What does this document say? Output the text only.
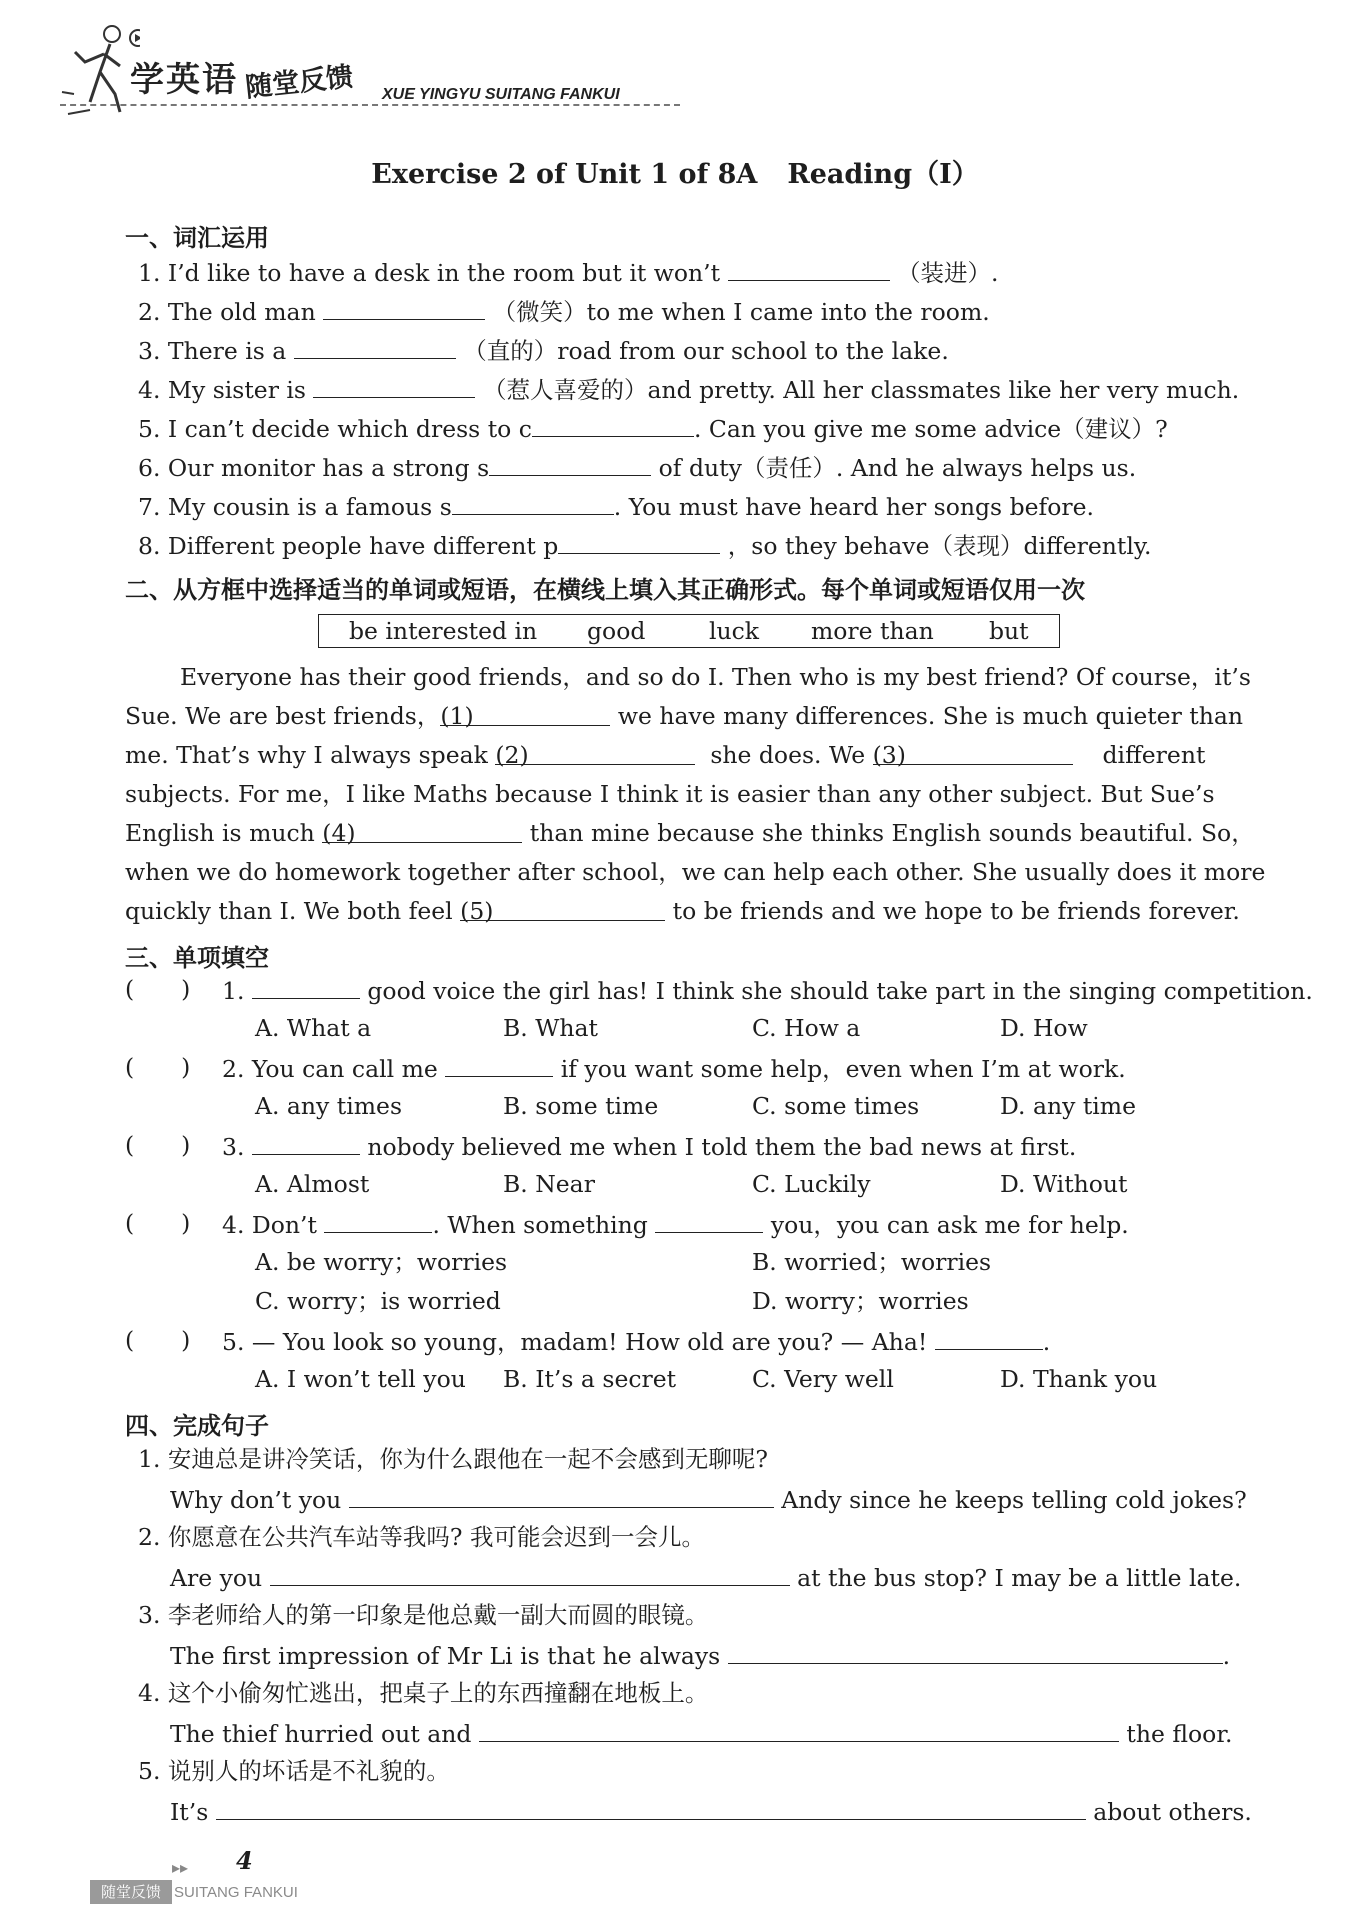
学英语 随堂反馈 XUE YINGYU SUITANG FANKUI
Exercise 2 of Unit 1 of 8A Reading（Ⅰ）
一、词汇运用
1. I’d like to have a desk in the room but it won’t	（装进）.
2. The old man	（微笑）to me when I came into the room.
3. There is a	（直的）road from our school to the lake.
4. My sister is	（惹人喜爱的）and pretty. All her classmates like her very much.
5. I can’t decide which dress to c	. Can you give me some advice（建议）?
6. Our monitor has a strong s	of duty（责任）. And he always helps us.
7. My cousin is a famous s	. You must have heard her songs before.
8. Different people have different p	，so they behave（表现）differently.
二、从方框中选择适当的单词或短语，在横线上填入其正确形式。每个单词或短语仅用一次
be interested in good	luck more than but
Everyone has their good friends，and so do I. Then who is my best friend? Of course，it’s
Sue. We are best friends，(1)	we have many differences. She is much quieter than
me. That’s why I always speak (2)	she does. We (3)	different
subjects. For me，I like Maths because I think it is easier than any other subject. But Sue’s
English is much (4)	than mine because she thinks English sounds beautiful. So，
when we do homework together after school，we can help each other. She usually does it more
quickly than I. We both feel (5)	to be friends and we hope to be friends forever.
三、单项填空
(　　) 1.	good voice the girl has! I think she should take part in the singing competition.
A. What a	B. What	C. How a	D. How
(　　) 2. You can call me	if you want some help，even when I’m at work.
A. any times	B. some time	C. some times	D. any time
(　　) 3.	nobody believed me when I told them the bad news at first.
A. Almost	B. Near	C. Luckily	D. Without
(　　) 4. Don’t	. When something	you，you can ask me for help.
A. be worry；worries	B. worried；worries
C. worry；is worried	D. worry；worries
(　　) 5. — You look so young，madam! How old are you? — Aha!	.
A. I won’t tell you B. It’s a secret	C. Very well	D. Thank you
四、完成句子
1. 安迪总是讲冷笑话，你为什么跟他在一起不会感到无聊呢?
Why don’t you	Andy since he keeps telling cold jokes?
2. 你愿意在公共汽车站等我吗? 我可能会迟到一会儿。
Are you	at the bus stop? I may be a little late.
3. 李老师给人的第一印象是他总戴一副大而圆的眼镜。
The first impression of Mr Li is that he always	.
4. 这个小偷匆忙逃出，把桌子上的东西撞翻在地板上。
The thief hurried out and	the floor.
5. 说别人的坏话是不礼貌的。
It’s	about others.
▸▸ 4
随堂反馈 SUITANG FANKUI
